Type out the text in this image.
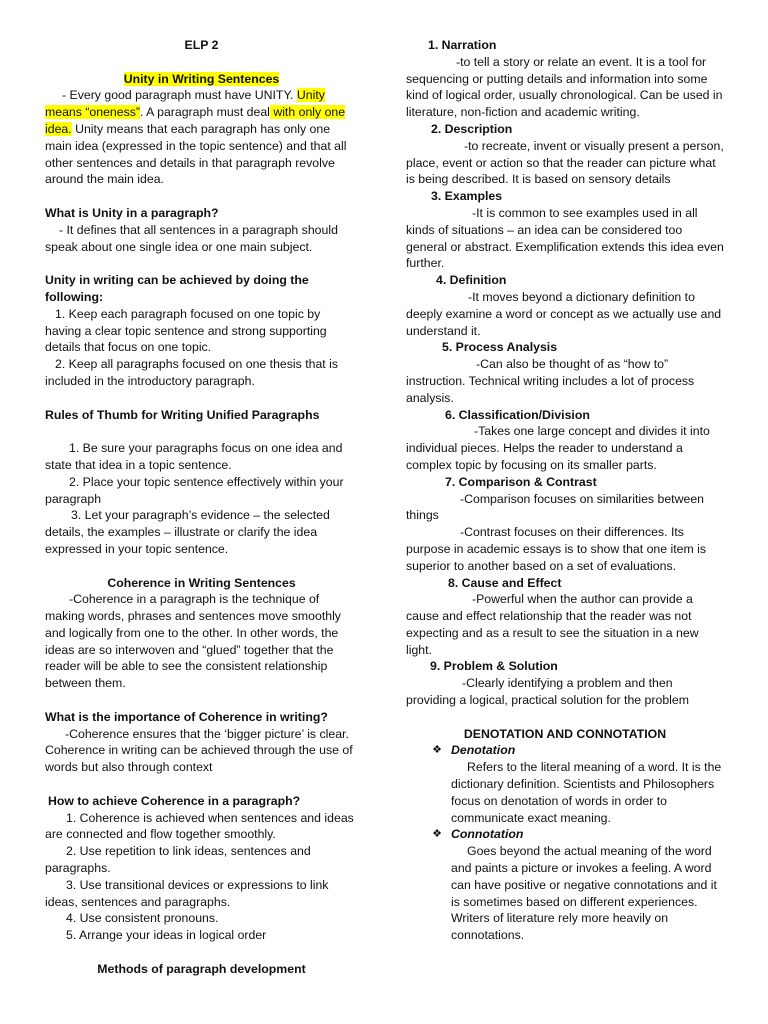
ELP 2

Unity in Writing Sentences

- Every good paragraph must have UNITY. Unity means “oneness”. A paragraph must deal with only one idea. Unity means that each paragraph has only one main idea (expressed in the topic sentence) and that all other sentences and details in that paragraph revolve around the main idea.

What is Unity in a paragraph?

- It defines that all sentences in a paragraph should speak about one single idea or one main subject.

Unity in writing can be achieved by doing the following:

1. Keep each paragraph focused on one topic by having a clear topic sentence and strong supporting details that focus on one topic.

2. Keep all paragraphs focused on one thesis that is included in the introductory paragraph.

Rules of Thumb for Writing Unified Paragraphs

1. Be sure your paragraphs focus on one idea and state that idea in a topic sentence.

2. Place your topic sentence effectively within your paragraph

3. Let your paragraph’s evidence – the selected details, the examples – illustrate or clarify the idea expressed in your topic sentence.

Coherence in Writing Sentences

-Coherence in a paragraph is the technique of making words, phrases and sentences move smoothly and logically from one to the other. In other words, the ideas are so interwoven and “glued” together that the reader will be able to see the consistent relationship between them.

What is the importance of Coherence in writing?

-Coherence ensures that the ‘bigger picture’ is clear. Coherence in writing can be achieved through the use of words but also through context

How to achieve Coherence in a paragraph?

1. Coherence is achieved when sentences and ideas are connected and flow together smoothly.

2. Use repetition to link ideas, sentences and paragraphs.

3. Use transitional devices or expressions to link ideas, sentences and paragraphs.

4. Use consistent pronouns.

5. Arrange your ideas in logical order

Methods of paragraph development

1. Narration

-to tell a story or relate an event. It is a tool for sequencing or putting details and information into some kind of logical order, usually chronological. Can be used in literature, non-fiction and academic writing.

2. Description

-to recreate, invent or visually present a person, place, event or action so that the reader can picture what is being described. It is based on sensory details

3. Examples

-It is common to see examples used in all kinds of situations – an idea can be considered too general or abstract. Exemplification extends this idea even further.

4. Definition

-It moves beyond a dictionary definition to deeply examine a word or concept as we actually use and understand it.

5. Process Analysis

-Can also be thought of as “how to” instruction. Technical writing includes a lot of process analysis.

6. Classification/Division

-Takes one large concept and divides it into individual pieces. Helps the reader to understand a complex topic by focusing on its smaller parts.

7. Comparison & Contrast

-Comparison focuses on similarities between things

-Contrast focuses on their differences. Its purpose in academic essays is to show that one item is superior to another based on a set of evaluations.

8. Cause and Effect

-Powerful when the author can provide a cause and effect relationship that the reader was not expecting and as a result to see the situation in a new light.

9. Problem & Solution

-Clearly identifying a problem and then providing a logical, practical solution for the problem

DENOTATION AND CONNOTATION

❖ Denotation

Refers to the literal meaning of a word. It is the dictionary definition. Scientists and Philosophers focus on denotation of words in order to communicate exact meaning.

❖ Connotation

Goes beyond the actual meaning of the word and paints a picture or invokes a feeling. A word can have positive or negative connotations and it is sometimes based on different experiences. Writers of literature rely more heavily on connotations.
